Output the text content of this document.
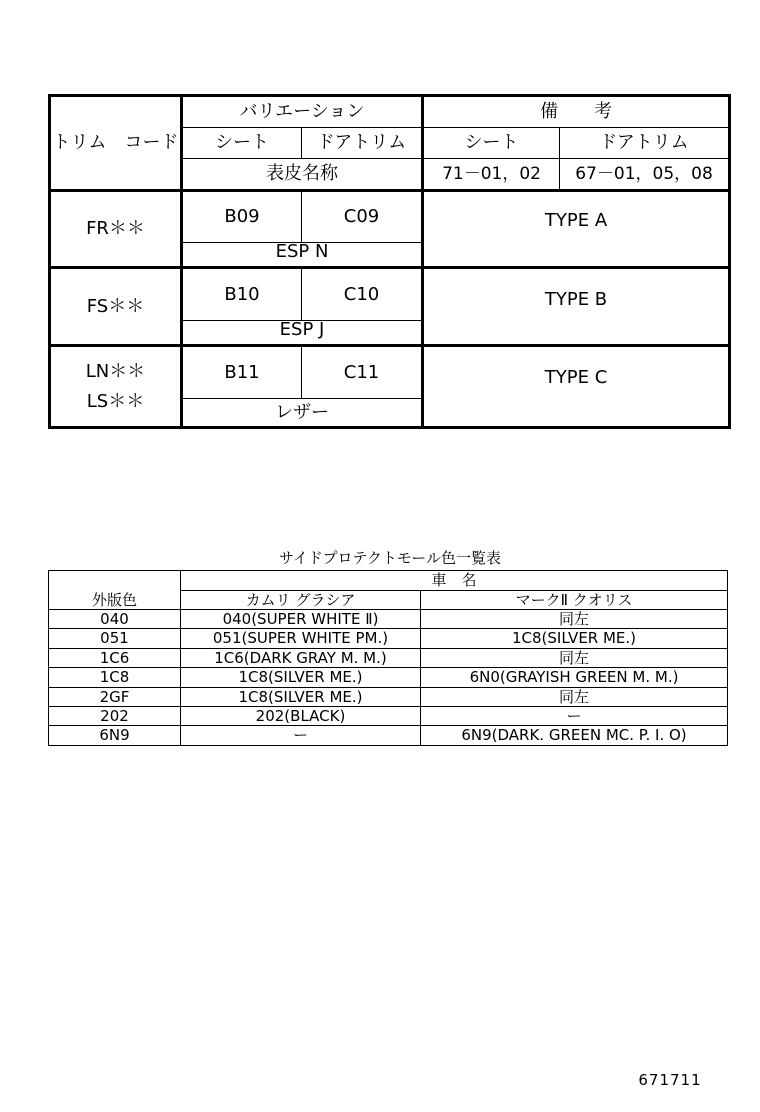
トリム　コード	バリエーション		備　　考	
	シート	ドアトリム	シート	ドアトリム
	表皮名称		71－01，02	67－01，05，08
FR＊＊	B09	C09	TYPE A	
	ESP N			
FS＊＊	B10	C10	TYPE B	
	ESP J			

LN＊＊
LS＊＊	B11	C11	TYPE C	
	レザー			
サイドプロテクトモール色一覧表
外版色	車　名	
	カムリ グラシア	マークⅡ クオリス
040	040(SUPER WHITE Ⅱ)	同左
051	051(SUPER WHITE PM.)	1C8(SILVER ME.)
1C6	1C6(DARK GRAY M. M.)	同左
1C8	1C8(SILVER ME.)	6N0(GRAYISH GREEN M. M.)
2GF	1C8(SILVER ME.)	同左
202	202(BLACK)	ー
6N9	ー	6N9(DARK. GREEN MC. P. I. O)
671711
